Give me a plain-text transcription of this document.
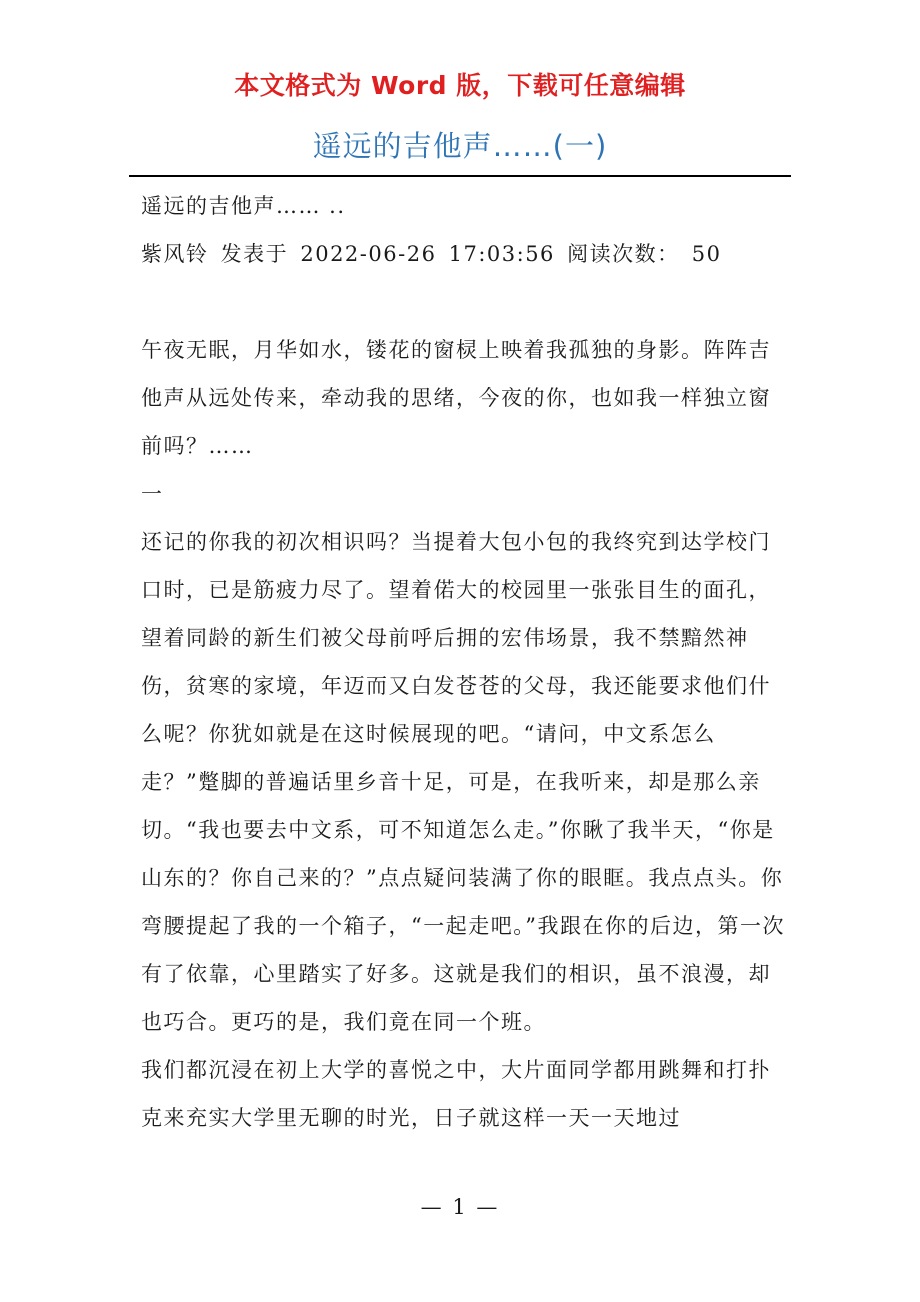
本文格式为 Word 版，下载可任意编辑
遥远的吉他声……(一)

遥远的吉他声…… ..

紫风铃 发表于 2022-06-26 17:03:56 阅读次数： 50

午夜无眠，月华如水，镂花的窗棂上映着我孤独的身影。阵阵吉他声从远处传来，牵动我的思绪，今夜的你，也如我一样独立窗前吗？……

一

还记的你我的初次相识吗？当提着大包小包的我终究到达学校门口时，已是筋疲力尽了。望着偌大的校园里一张张目生的面孔，望着同龄的新生们被父母前呼后拥的宏伟场景，我不禁黯然神伤，贫寒的家境，年迈而又白发苍苍的父母，我还能要求他们什么呢？你犹如就是在这时候展现的吧。“请问，中文系怎么走？”蹩脚的普遍话里乡音十足，可是，在我听来，却是那么亲切。“我也要去中文系，可不知道怎么走。”你瞅了我半天，“你是山东的？你自己来的？”点点疑问装满了你的眼眶。我点点头。你弯腰提起了我的一个箱子，“一起走吧。”我跟在你的后边，第一次有了依靠，心里踏实了好多。这就是我们的相识，虽不浪漫，却也巧合。更巧的是，我们竟在同一个班。

我们都沉浸在初上大学的喜悦之中，大片面同学都用跳舞和打扑克来充实大学里无聊的时光，日子就这样一天一天地过

— 1 —
